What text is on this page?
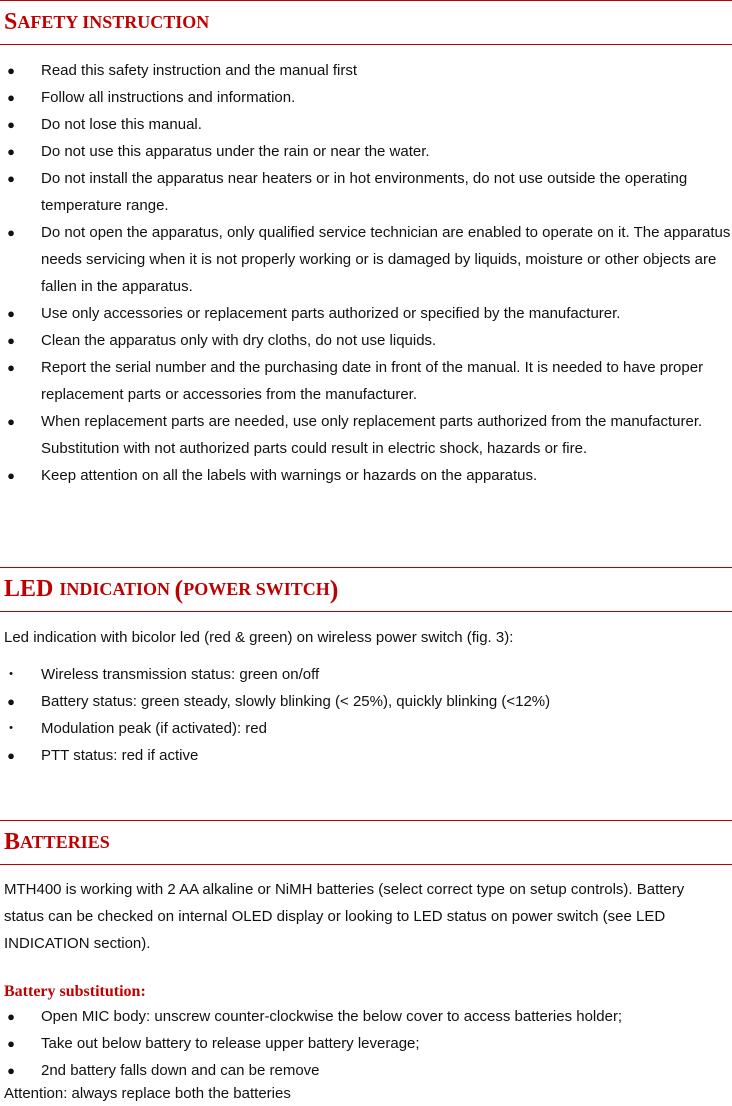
S AFETY INSTRUCTION
● Read this safety instruction and the manual first
● Follow all instructions and information.
● Do not lose this manual.
● Do not use this apparatus under the rain or near the water.
● Do not install the apparatus near heaters or in hot environments, do not use outside the operating temperature range.
● Do not open the apparatus, only qualified service technician are enabled to operate on it. The apparatus needs servicing when it is not properly working or is damaged by liquids, moisture or other objects are fallen in the apparatus.
● Use only accessories or replacement parts authorized or specified by the manufacturer.
● Clean the apparatus only with dry cloths, do not use liquids.
● Report the serial number and the purchasing date in front of the manual. It is needed to have proper replacement parts or accessories from the manufacturer.
● When replacement parts are needed, use only replacement parts authorized from the manufacturer. Substitution with not authorized parts could result in electric shock, hazards or fire.
● Keep attention on all the labels with warnings or hazards on the apparatus.
LED INDICATION ( POWER SWITCH )

Led indication with bicolor led (red & green) on wireless power switch (fig. 3):

•	Wireless transmission status: green on/off
● Battery status: green steady, slowly blinking (< 25%), quickly blinking (<12%)
•	Modulation peak (if activated): red
● PTT status: red if active
B ATTERIES

MTH400 is working with 2 AA alkaline or NiMH batteries (select correct type on setup controls). Battery status can be checked on internal OLED display or looking to LED status on power switch (see LED INDICATION section).

Battery substitution:

● Open MIC body: unscrew counter-clockwise the below cover to access batteries holder;
● Take out below battery to release upper battery leverage;
● 2nd battery falls down and can be remove

Attention: always replace both the batteries
